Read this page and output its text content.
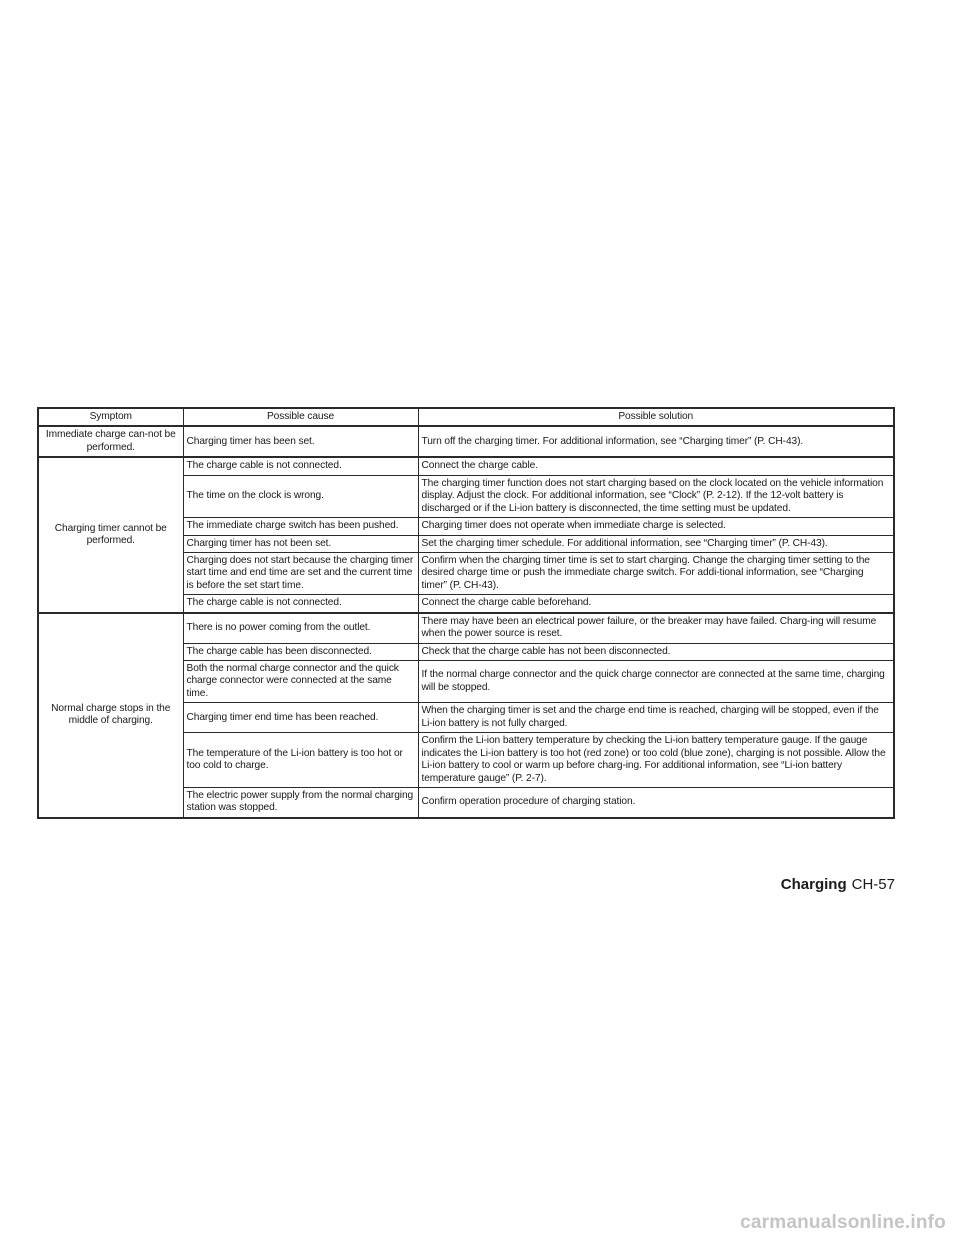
Symptom	Possible cause	Possible solution
Immediate charge can-not be performed.	Charging timer has been set.	Turn off the charging timer. For additional information, see “Charging timer” (P. CH-43).
Charging timer cannot be performed.	The charge cable is not connected.	Connect the charge cable.
	The time on the clock is wrong.	The charging timer function does not start charging based on the clock located on the vehicle information display. Adjust the clock. For additional information, see “Clock” (P. 2-12). If the 12-volt battery is discharged or if the Li-ion battery is disconnected, the time setting must be updated.
	The immediate charge switch has been pushed.	Charging timer does not operate when immediate charge is selected.
	Charging timer has not been set.	Set the charging timer schedule. For additional information, see “Charging timer” (P. CH-43).
	Charging does not start because the charging timer start time and end time are set and the current time is before the set start time.	Confirm when the charging timer time is set to start charging. Change the charging timer setting to the desired charge time or push the immediate charge switch. For addi-tional information, see “Charging timer” (P. CH-43).
	The charge cable is not connected.	Connect the charge cable beforehand.
Normal charge stops in the middle of charging.	There is no power coming from the outlet.	There may have been an electrical power failure, or the breaker may have failed. Charg-ing will resume when the power source is reset.
	The charge cable has been disconnected.	Check that the charge cable has not been disconnected.
	Both the normal charge connector and the quick charge connector were connected at the same time.	If the normal charge connector and the quick charge connector are connected at the same time, charging will be stopped.
	Charging timer end time has been reached.	When the charging timer is set and the charge end time is reached, charging will be stopped, even if the Li-ion battery is not fully charged.
	The temperature of the Li-ion battery is too hot or too cold to charge.	Confirm the Li-ion battery temperature by checking the Li-ion battery temperature gauge. If the gauge indicates the Li-ion battery is too hot (red zone) or too cold (blue zone), charging is not possible. Allow the Li-ion battery to cool or warm up before charg-ing. For additional information, see “Li-ion battery temperature gauge” (P. 2-7).
	The electric power supply from the normal charging station was stopped.	Confirm operation procedure of charging station.
Charging CH-57
carmanualsonline.info
